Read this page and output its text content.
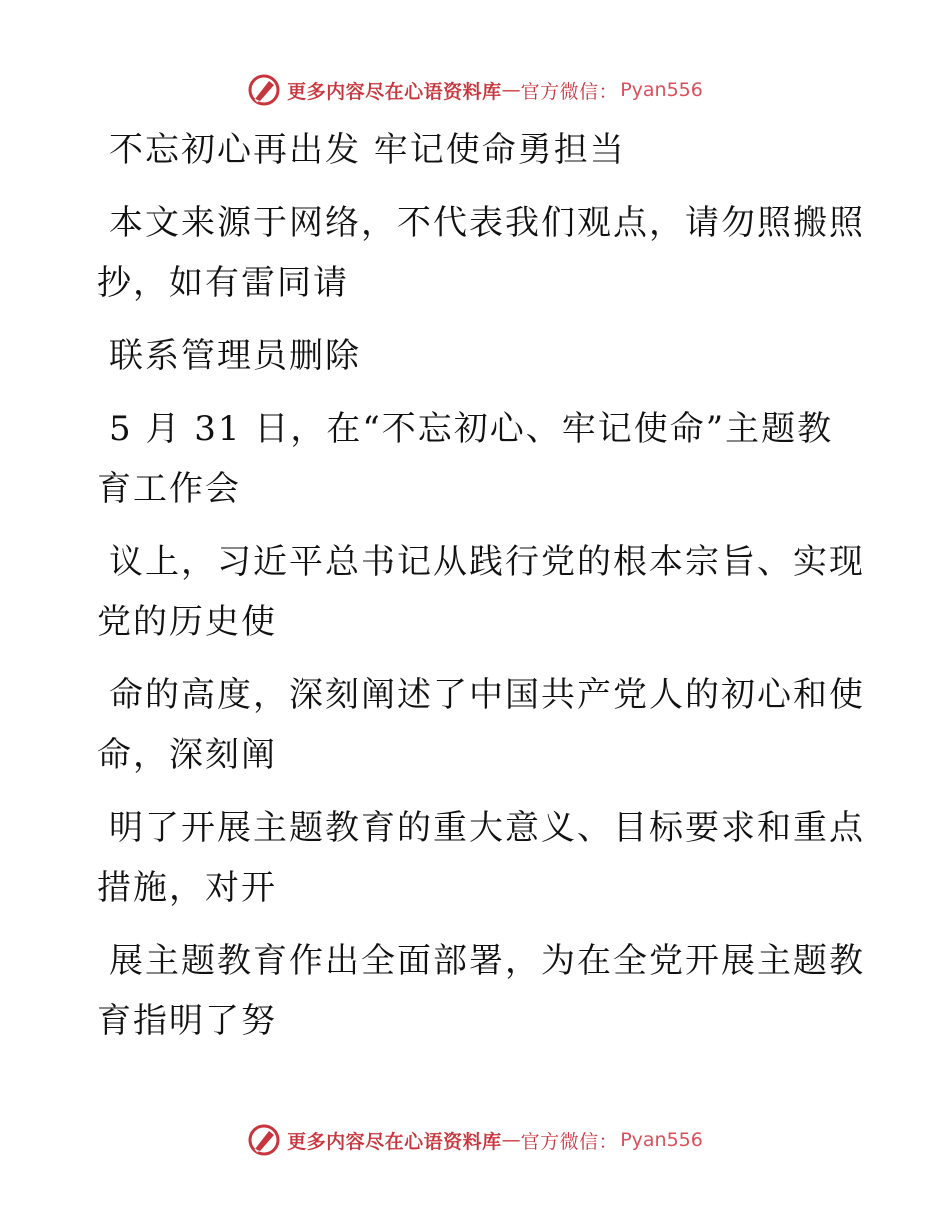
更多内容尽在心语资料库 — 官方微信： Pyan556

不忘初心再出发 牢记使命勇担当

本文来源于网络，不代表我们观点，请勿照搬照

抄，如有雷同请

联系管理员删除

5 月 31 日，在“不忘初心、牢记使命”主题教

育工作会

议上，习近平总书记从践行党的根本宗旨、实现

党的历史使

命的高度，深刻阐述了中国共产党人的初心和使

命，深刻阐

明了开展主题教育的重大意义、目标要求和重点

措施，对开

展主题教育作出全面部署，为在全党开展主题教

育指明了努

更多内容尽在心语资料库 — 官方微信： Pyan556
